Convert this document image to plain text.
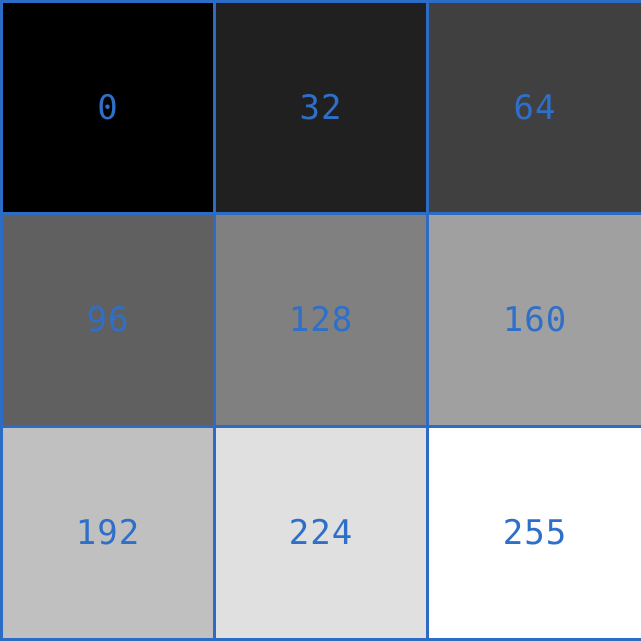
0	32	64
96	128	160
192	224	255
